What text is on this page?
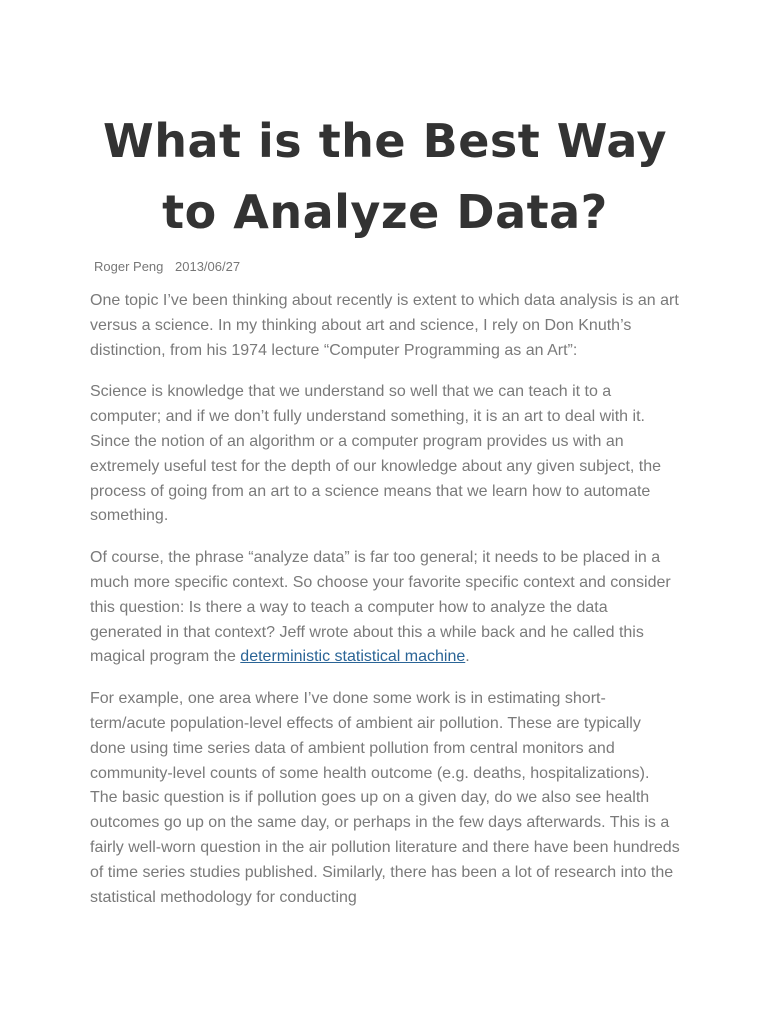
What is the Best Way to Analyze Data?
Roger Peng 2013/06/27

One topic I’ve been thinking about recently is extent to which data analysis is an art versus a science. In my thinking about art and science, I rely on Don Knuth’s distinction, from his 1974 lecture “Computer Programming as an Art”:

Science is knowledge that we understand so well that we can teach it to a computer; and if we don’t fully understand something, it is an art to deal with it. Since the notion of an algorithm or a computer program provides us with an extremely useful test for the depth of our knowledge about any given subject, the process of going from an art to a science means that we learn how to automate something.

Of course, the phrase “analyze data” is far too general; it needs to be placed in a much more specific context. So choose your favorite specific context and consider this question: Is there a way to teach a computer how to analyze the data generated in that context? Jeff wrote about this a while back and he called this magical program the deterministic statistical machine.

For example, one area where I’ve done some work is in estimating short-term/acute population-level effects of ambient air pollution. These are typically done using time series data of ambient pollution from central monitors and community-level counts of some health outcome (e.g. deaths, hospitalizations). The basic question is if pollution goes up on a given day, do we also see health outcomes go up on the same day, or perhaps in the few days afterwards. This is a fairly well-worn question in the air pollution literature and there have been hundreds of time series studies published. Similarly, there has been a lot of research into the statistical methodology for conducting
